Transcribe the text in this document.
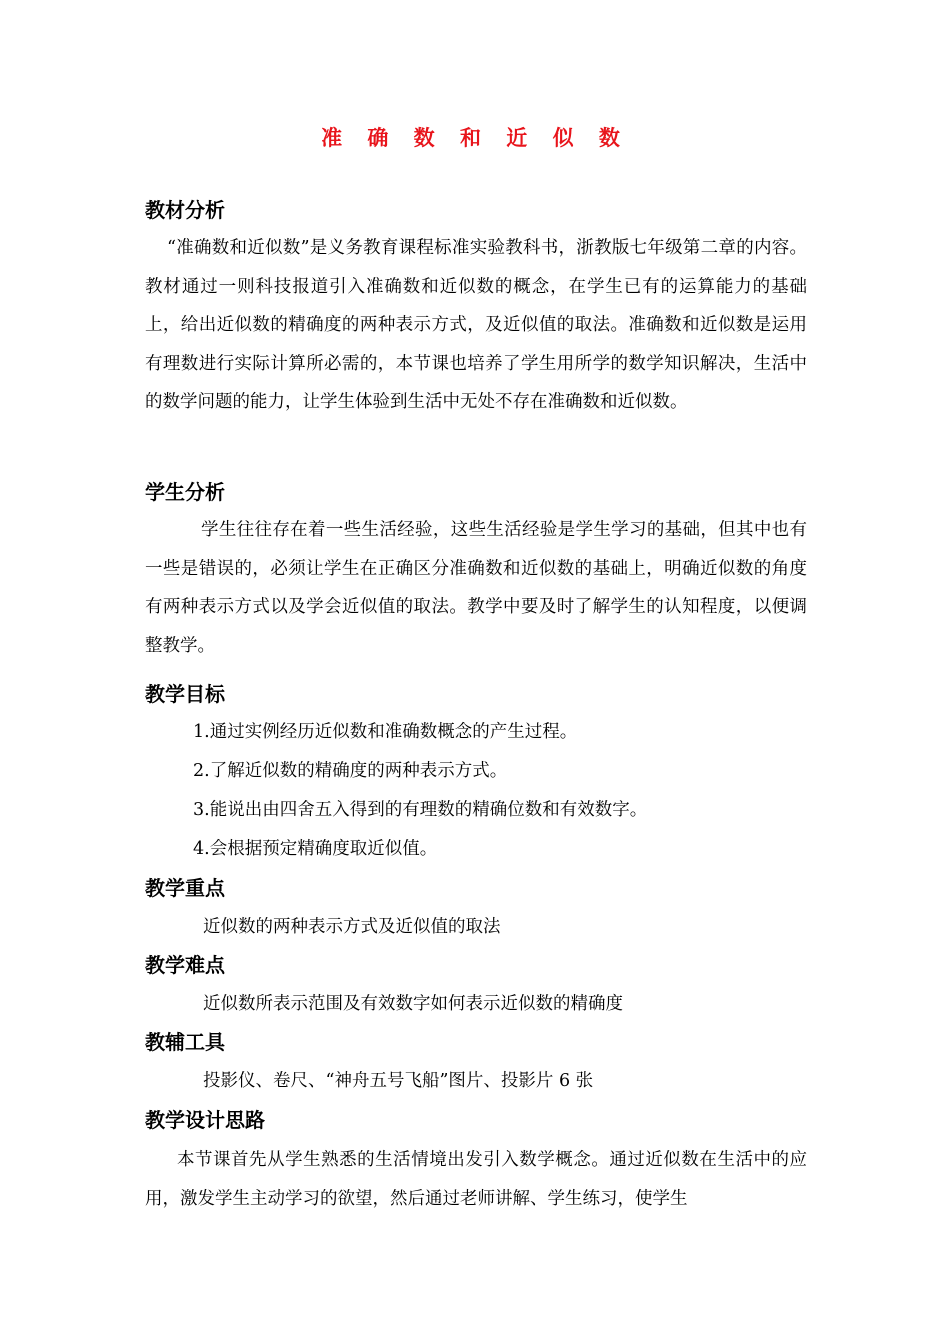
准 确 数 和 近 似 数
教材分析

“准确数和近似数”是义务教育课程标准实验教科书，浙教版七年级第二章的内容。教材通过一则科技报道引入准确数和近似数的概念，在学生已有的运算能力的基础上，给出近似数的精确度的两种表示方式，及近似值的取法。准确数和近似数是运用有理数进行实际计算所必需的，本节课也培养了学生用所学的数学知识解决，生活中的数学问题的能力，让学生体验到生活中无处不存在准确数和近似数。

学生分析

学生往往存在着一些生活经验，这些生活经验是学生学习的基础，但其中也有一些是错误的，必须让学生在正确区分准确数和近似数的基础上，明确近似数的角度有两种表示方式以及学会近似值的取法。教学中要及时了解学生的认知程度，以便调整教学。

教学目标
1.通过实例经历近似数和准确数概念的产生过程。
2.了解近似数的精确度的两种表示方式。
3.能说出由四舍五入得到的有理数的精确位数和有效数字。
4.会根据预定精确度取近似值。
教学重点
近似数的两种表示方式及近似值的取法
教学难点
近似数所表示范围及有效数字如何表示近似数的精确度
教辅工具
投影仪、卷尺、“神舟五号飞船”图片、投影片 6 张
教学设计思路

本节课首先从学生熟悉的生活情境出发引入数学概念。通过近似数在生活中的应用，激发学生主动学习的欲望，然后通过老师讲解、学生练习，使学生
